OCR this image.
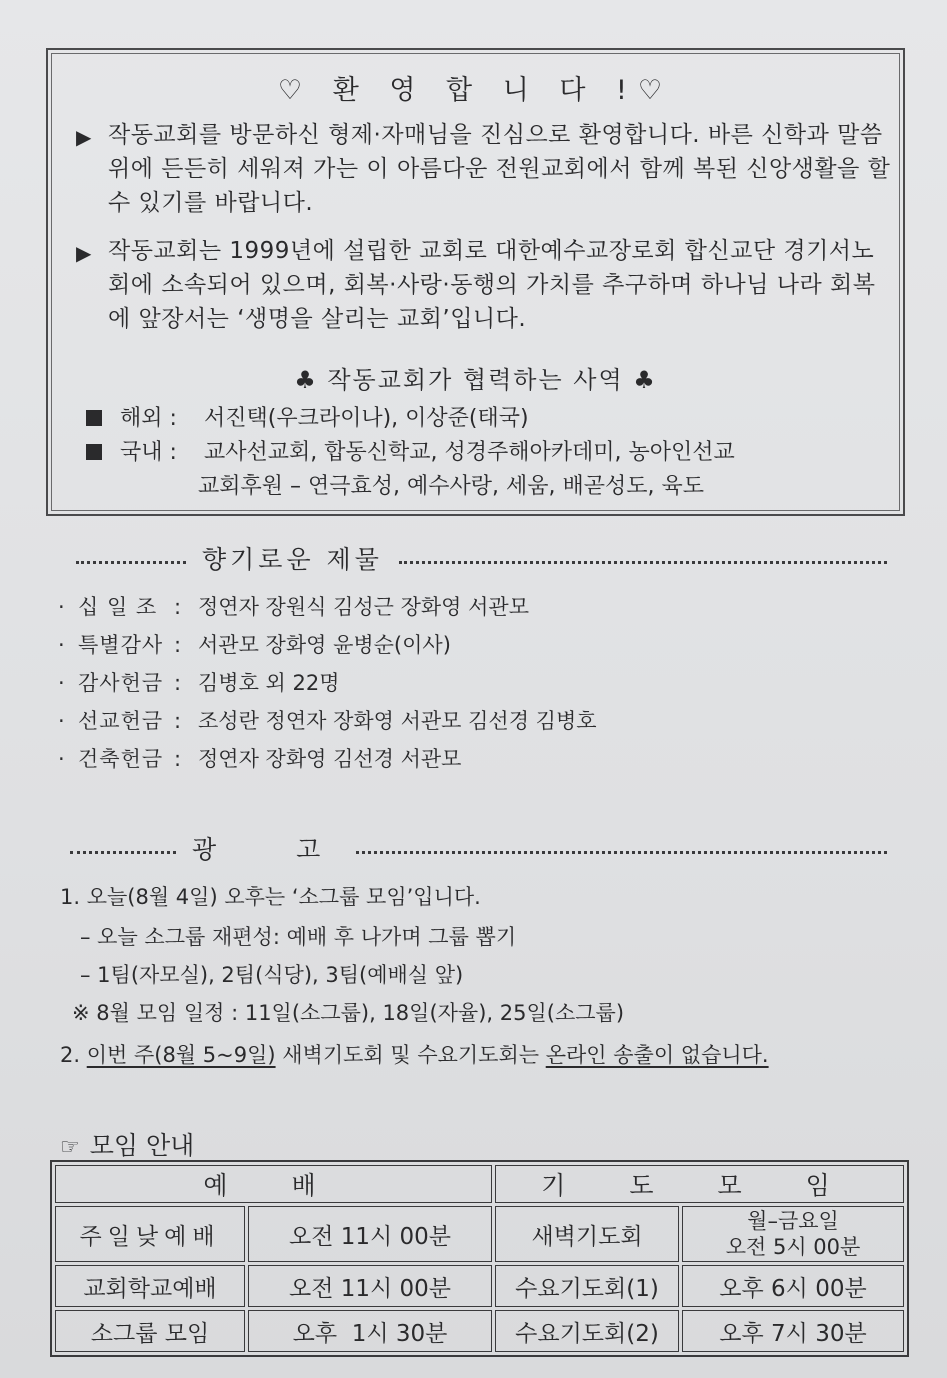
♡ 환 영 합 니 다 !♡
▶ 작동교회를 방문하신 형제·자매님을 진심으로 환영합니다. 바른 신학과 말씀 위에 든든히 세워져 가는 이 아름다운 전원교회에서 함께 복된 신앙생활을 할 수 있기를 바랍니다.
▶ 작동교회는 1999년에 설립한 교회로 대한예수교장로회 합신교단 경기서노회에 소속되어 있으며, 회복·사랑·동행의 가치를 추구하며 하나님 나라 회복에 앞장서는 ‘생명을 살리는 교회’입니다.
♣ 작동교회가 협력하는 사역 ♣
해외 : 서진택(우크라이나), 이상준(태국)
국내 : 교사선교회, 합동신학교, 성경주해아카데미, 농아인선교
교회후원 – 연극효성, 예수사랑, 세움, 배곧성도, 육도
향기로운 제물
· 십 일 조 : 정연자 장원식 김성근 장화영 서관모
· 특별감사 : 서관모 장화영 윤병순(이사)
· 감사헌금 : 김병호 외 22명
· 선교헌금 : 조성란 정연자 장화영 서관모 김선경 김병호
· 건축헌금 : 정연자 장화영 김선경 서관모
광 고
1. 오늘(8월 4일) 오후는 ‘소그룹 모임’입니다.
– 오늘 소그룹 재편성: 예배 후 나가며 그룹 뽑기
– 1팀(자모실), 2팀(식당), 3팀(예배실 앞)
※ 8월 모임 일정 : 11일(소그룹), 18일(자율), 25일(소그룹)
2. 이번 주(8월 5~9일) 새벽기도회 및 수요기도회는 온라인 송출이 없습니다.
☞ 모임 안내
예 배		기 도 모 임	
주일낮예배	오전 11시 00분	새벽기도회	월–금요일
오전 5시 00분

교회학교예배	오전 11시 00분	수요기도회(1)	오후 6시 00분
소그룹 모임	오후  1시 30분	수요기도회(2)	오후 7시 30분
